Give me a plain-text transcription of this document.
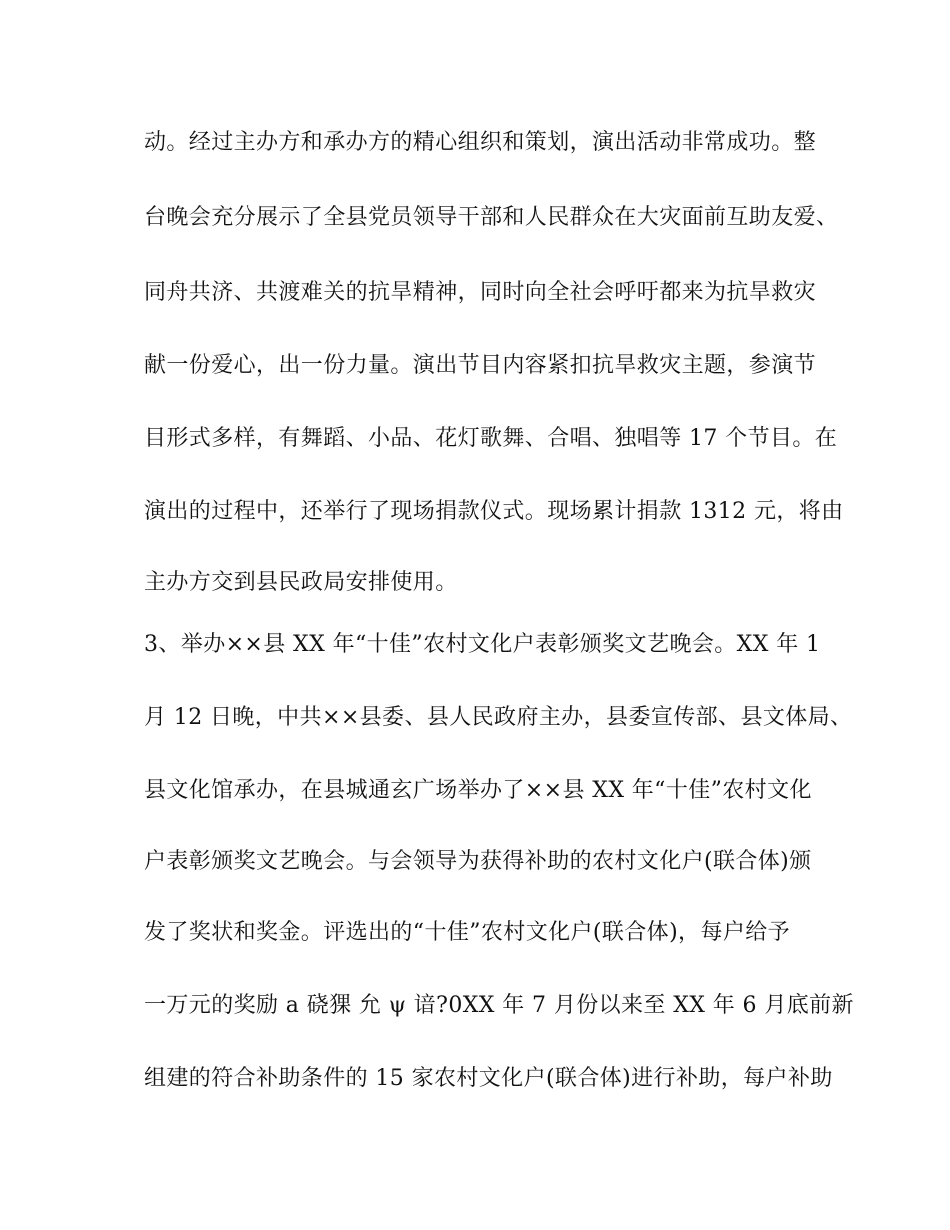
动。经过主办方和承办方的精心组织和策划，演出活动非常成功。整
台晚会充分展示了全县党员领导干部和人民群众在大灾面前互助友爱、
同舟共济、共渡难关的抗旱精神，同时向全社会呼吁都来为抗旱救灾
献一份爱心，出一份力量。演出节目内容紧扣抗旱救灾主题，参演节
目形式多样，有舞蹈、小品、花灯歌舞、合唱、独唱等 17 个节目。在
演出的过程中，还举行了现场捐款仪式。现场累计捐款 1312 元，将由
主办方交到县民政局安排使用。
3、举办××县 XX 年“十佳”农村文化户表彰颁奖文艺晚会。XX 年 1
月 12 日晚，中共××县委、县人民政府主办，县委宣传部、县文体局、
县文化馆承办，在县城通玄广场举办了××县 XX 年“十佳”农村文化
户表彰颁奖文艺晚会。与会领导为获得补助的农村文化户(联合体)颁
发了奖状和奖金。评选出的“十佳”农村文化户(联合体)，每户给予
一万元的奖励 a 硗猓 允 ψ 谙?0XX 年 7 月份以来至 XX 年 6 月底前新
组建的符合补助条件的 15 家农村文化户(联合体)进行补助，每户补助
